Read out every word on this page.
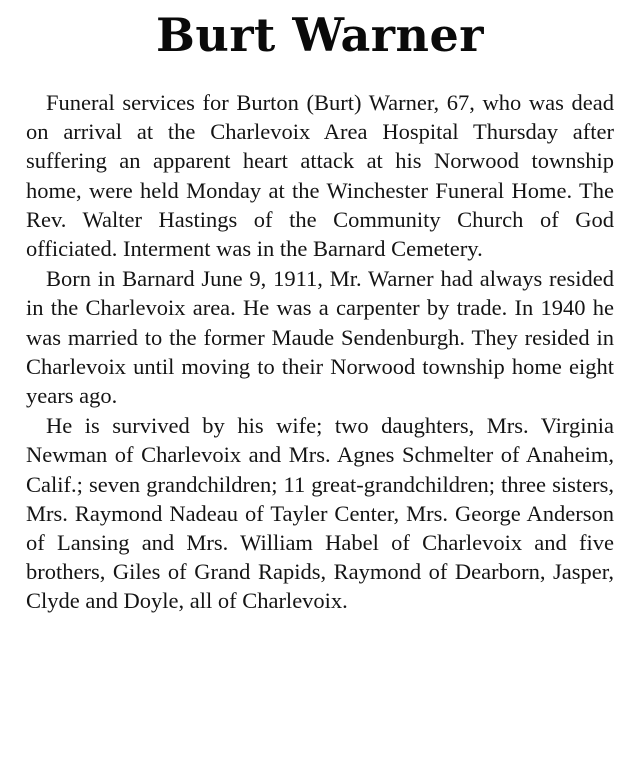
Burt Warner

Funeral services for Burton (Burt) Warner, 67, who was dead on arrival at the Charlevoix Area Hospital Thursday after suffering an apparent heart attack at his Norwood township home, were held Monday at the Winchester Funeral Home. The Rev. Walter Hastings of the Community Church of God officiated. Interment was in the Barnard Cemetery.

Born in Barnard June 9, 1911, Mr. Warner had always resided in the Charlevoix area. He was a carpenter by trade. In 1940 he was married to the former Maude Sendenburgh. They resided in Charlevoix until moving to their Norwood township home eight years ago.

He is survived by his wife; two daughters, Mrs. Virginia Newman of Charlevoix and Mrs. Agnes Schmelter of Anaheim, Calif.; seven grandchildren; 11 great-grandchildren; three sisters, Mrs. Raymond Nadeau of Tayler Center, Mrs. George Anderson of Lansing and Mrs. William Habel of Charlevoix and five brothers, Giles of Grand Rapids, Raymond of Dearborn, Jasper, Clyde and Doyle, all of Charlevoix.
